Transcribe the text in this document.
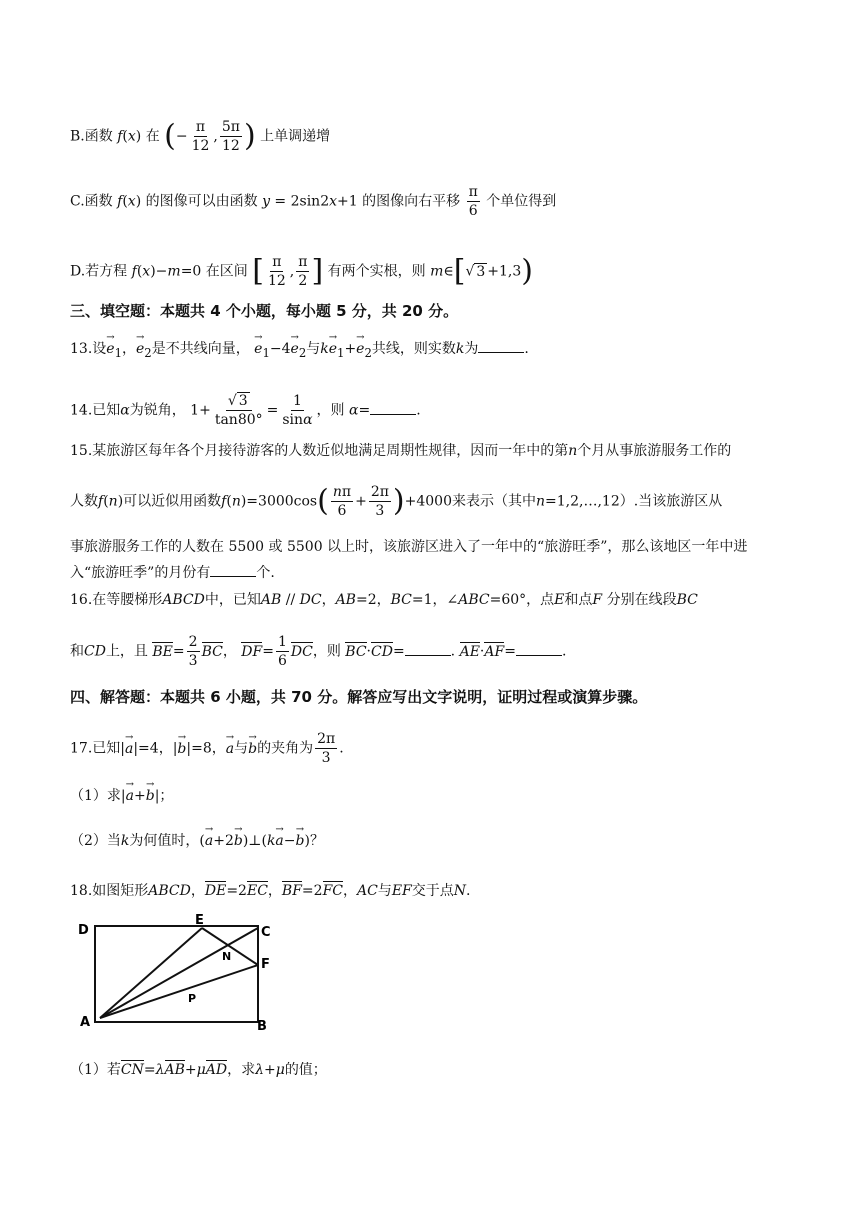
B.函数 f(x) 在 (− $\frac{\pi}{12}$ , $\frac{5\pi}{12}$ ) 上单调递增
C.函数 f(x) 的图像可以由函数 y = 2sin2x+1 的图像向右平移 $\frac{\pi}{6}$ 个单位得到
D.若方程 f(x)−m=0 在区间 [ $\frac{\pi}{12}$ , $\frac{\pi}{2}$ ] 有两个实根，则 m∈[√ 3 +1,3)
三、填空题：本题共 4 个小题，每小题 5 分，共 20 分。
13.设→ $e_1$，→ $e_2$是不共线向量， → $e_1-4\to e_2$与$k\to e_1+\to e_2$共线，则实数k为	.
14.已知α为锐角， $1+ \frac{√ 3}{\tan 80^\circ} = \frac{1}{\sin\alpha}$ ，则 α=	.
15.某旅游区每年各个月接待游客的人数近似地满足周期性规律，因而一年中的第n个月从事旅游服务工作的
人数f(n)可以近似用函数$f(n)=3000\cos( \frac{n\pi}{6} + \frac{2\pi}{3} )+4000$来表示（其中n=1,2,…,12）.当该旅游区从
事旅游服务工作的人数在 5500 或 5500 以上时，该旅游区进入了一年中的“旅游旺季”，那么该地区一年中进
入“旅游旺季”的月份有	个.
16.在等腰梯形ABCD中，已知AB // DC，AB=2，BC=1，∠ABC=60°，点E和点F 分别在线段BC
和CD上，且 $BE= \frac{2}{3}$ BC， $DF= \frac{1}{6}$ DC，则 BC·CD=	. AE·AF=	.
四、解答题：本题共 6 小题，共 70 分。解答应写出文字说明，证明过程或演算步骤。
17.已知|→ a|=4，|→ b|=8，→ a与→ b的夹角为 $\frac{2\pi}{3}$ .
（1）求|→ a+→ b|；
（2）当k为何值时，(→ a+2→ b)⊥(k→ a−→ b)？
18.如图矩形ABCD，DE=2EC，BF=2FC，AC与EF交于点N.
D
E
C
N
F
P
A	B
（1）若CN=λAB+μAD，求λ+μ的值；
